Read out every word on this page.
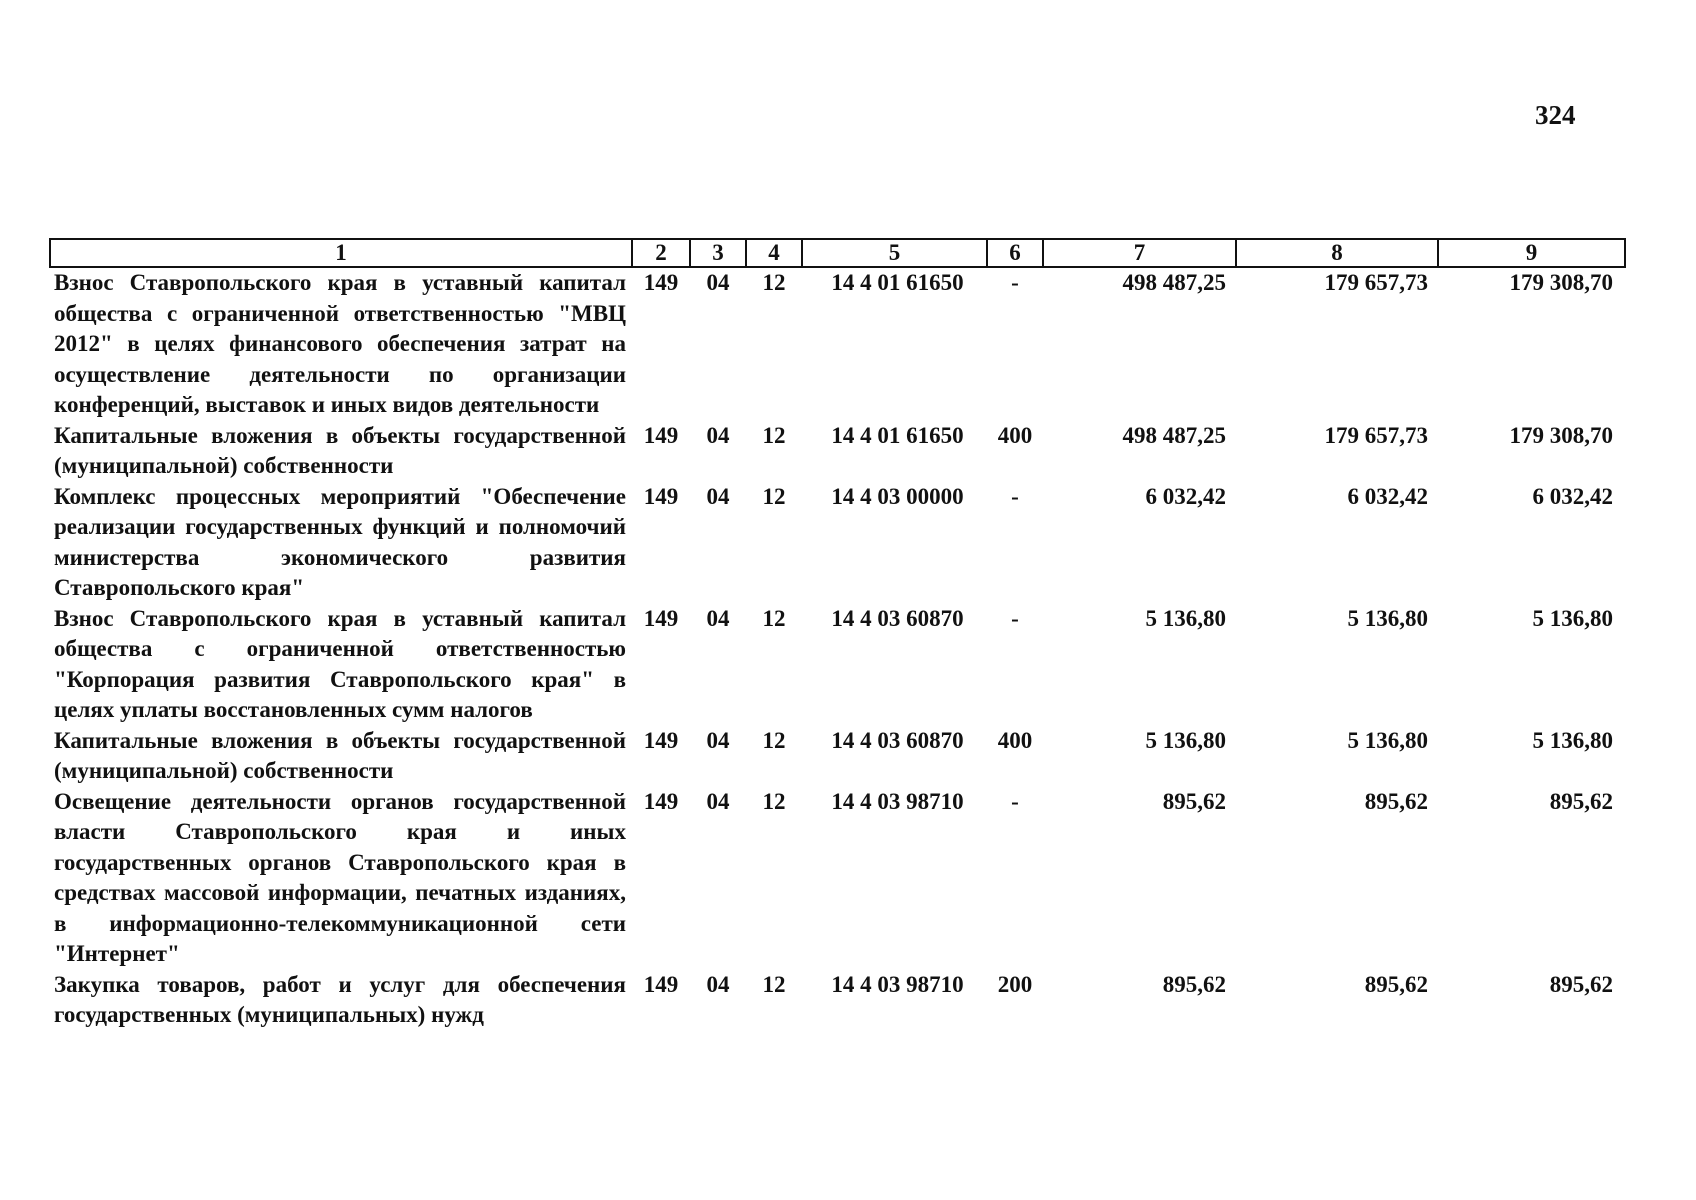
324
1	2	3	4	5	6	7	8	9
Взнос Ставропольского края в уставный капитал общества с ограниченной ответственностью "МВЦ 2012" в целях финансового обеспечения затрат на осуществление деятельности по организации конференций, выставок и иных видов деятельности	149	04	12	14 4 01 61650	-	498 487,25	179 657,73	179 308,70
Капитальные вложения в объекты государственной (муниципальной) собственности	149	04	12	14 4 01 61650	400	498 487,25	179 657,73	179 308,70
Комплекс процессных мероприятий "Обеспечение реализации государственных функций и полномочий министерства экономического развития Ставропольского края"	149	04	12	14 4 03 00000	-	6 032,42	6 032,42	6 032,42
Взнос Ставропольского края в уставный капитал общества с ограниченной ответственностью "Корпорация развития Ставропольского края" в целях уплаты восстановленных сумм налогов	149	04	12	14 4 03 60870	-	5 136,80	5 136,80	5 136,80
Капитальные вложения в объекты государственной (муниципальной) собственности	149	04	12	14 4 03 60870	400	5 136,80	5 136,80	5 136,80
Освещение деятельности органов государственной власти Ставропольского края и иных государственных органов Ставропольского края в средствах массовой информации, печатных изданиях, в информационно-телекоммуникационной сети "Интернет"	149	04	12	14 4 03 98710	-	895,62	895,62	895,62
Закупка товаров, работ и услуг для обеспечения государственных (муниципальных) нужд	149	04	12	14 4 03 98710	200	895,62	895,62	895,62
